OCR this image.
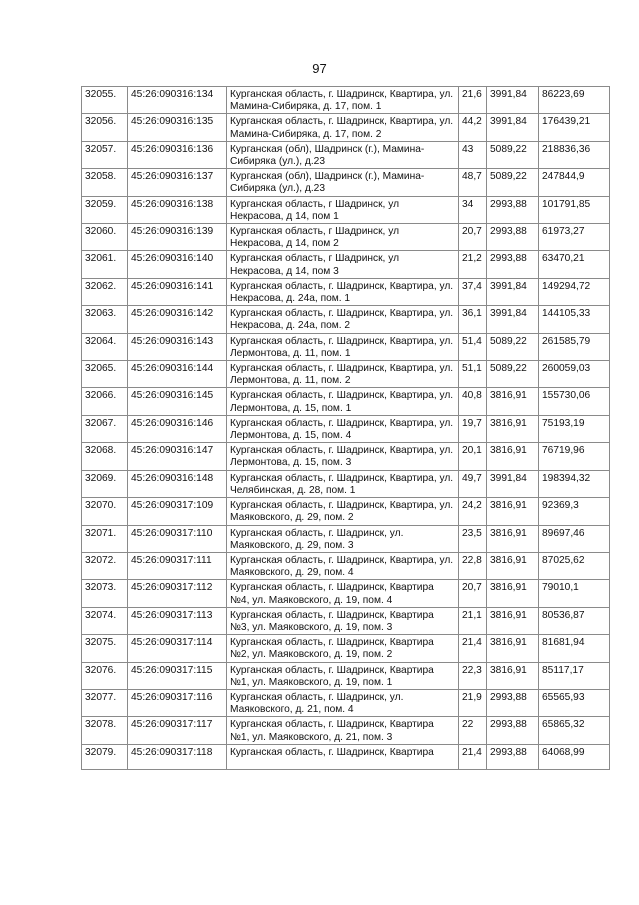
97
32055.	45:26:090316:134	Курганская область, г. Шадринск, Квартира, ул. Мамина-Сибиряка, д. 17, пом. 1	21,6	3991,84	86223,69
32056.	45:26:090316:135	Курганская область, г. Шадринск, Квартира, ул. Мамина-Сибиряка, д. 17, пом. 2	44,2	3991,84	176439,21
32057.	45:26:090316:136	Курганская (обл), Шадринск (г.), Мамина-Сибиряка (ул.), д.23	43	5089,22	218836,36
32058.	45:26:090316:137	Курганская (обл), Шадринск (г.), Мамина-Сибиряка (ул.), д.23	48,7	5089,22	247844,9
32059.	45:26:090316:138	Курганская область, г Шадринск, ул Некрасова, д 14, пом 1	34	2993,88	101791,85
32060.	45:26:090316:139	Курганская область, г Шадринск, ул Некрасова, д 14, пом 2	20,7	2993,88	61973,27
32061.	45:26:090316:140	Курганская область, г Шадринск, ул Некрасова, д 14, пом 3	21,2	2993,88	63470,21
32062.	45:26:090316:141	Курганская область, г. Шадринск, Квартира, ул. Некрасова, д. 24а, пом. 1	37,4	3991,84	149294,72
32063.	45:26:090316:142	Курганская область, г. Шадринск, Квартира, ул. Некрасова, д. 24а, пом. 2	36,1	3991,84	144105,33
32064.	45:26:090316:143	Курганская область, г. Шадринск, Квартира, ул. Лермонтова, д. 11, пом. 1	51,4	5089,22	261585,79
32065.	45:26:090316:144	Курганская область, г. Шадринск, Квартира, ул. Лермонтова, д. 11, пом. 2	51,1	5089,22	260059,03
32066.	45:26:090316:145	Курганская область, г. Шадринск, Квартира, ул. Лермонтова, д. 15, пом. 1	40,8	3816,91	155730,06
32067.	45:26:090316:146	Курганская область, г. Шадринск, Квартира, ул. Лермонтова, д. 15, пом. 4	19,7	3816,91	75193,19
32068.	45:26:090316:147	Курганская область, г. Шадринск, Квартира, ул. Лермонтова, д. 15, пом. 3	20,1	3816,91	76719,96
32069.	45:26:090316:148	Курганская область, г. Шадринск, Квартира, ул. Челябинская, д. 28, пом. 1	49,7	3991,84	198394,32
32070.	45:26:090317:109	Курганская область, г. Шадринск, Квартира, ул. Маяковского, д. 29, пом. 2	24,2	3816,91	92369,3
32071.	45:26:090317:110	Курганская область, г. Шадринск, ул. Маяковского, д. 29, пом. 3	23,5	3816,91	89697,46
32072.	45:26:090317:111	Курганская область, г. Шадринск, Квартира, ул. Маяковского, д. 29, пом. 4	22,8	3816,91	87025,62
32073.	45:26:090317:112	Курганская область, г. Шадринск, Квартира №4, ул. Маяковского, д. 19, пом. 4	20,7	3816,91	79010,1
32074.	45:26:090317:113	Курганская область, г. Шадринск, Квартира №3, ул. Маяковского, д. 19, пом. 3	21,1	3816,91	80536,87
32075.	45:26:090317:114	Курганская область, г. Шадринск, Квартира №2, ул. Маяковского, д. 19, пом. 2	21,4	3816,91	81681,94
32076.	45:26:090317:115	Курганская область, г. Шадринск, Квартира №1, ул. Маяковского, д. 19, пом. 1	22,3	3816,91	85117,17
32077.	45:26:090317:116	Курганская область, г. Шадринск, ул. Маяковского, д. 21, пом. 4	21,9	2993,88	65565,93
32078.	45:26:090317:117	Курганская область, г. Шадринск, Квартира №1, ул. Маяковского, д. 21, пом. 3	22	2993,88	65865,32
32079.	45:26:090317:118	Курганская область, г. Шадринск, Квартира	21,4	2993,88	64068,99
